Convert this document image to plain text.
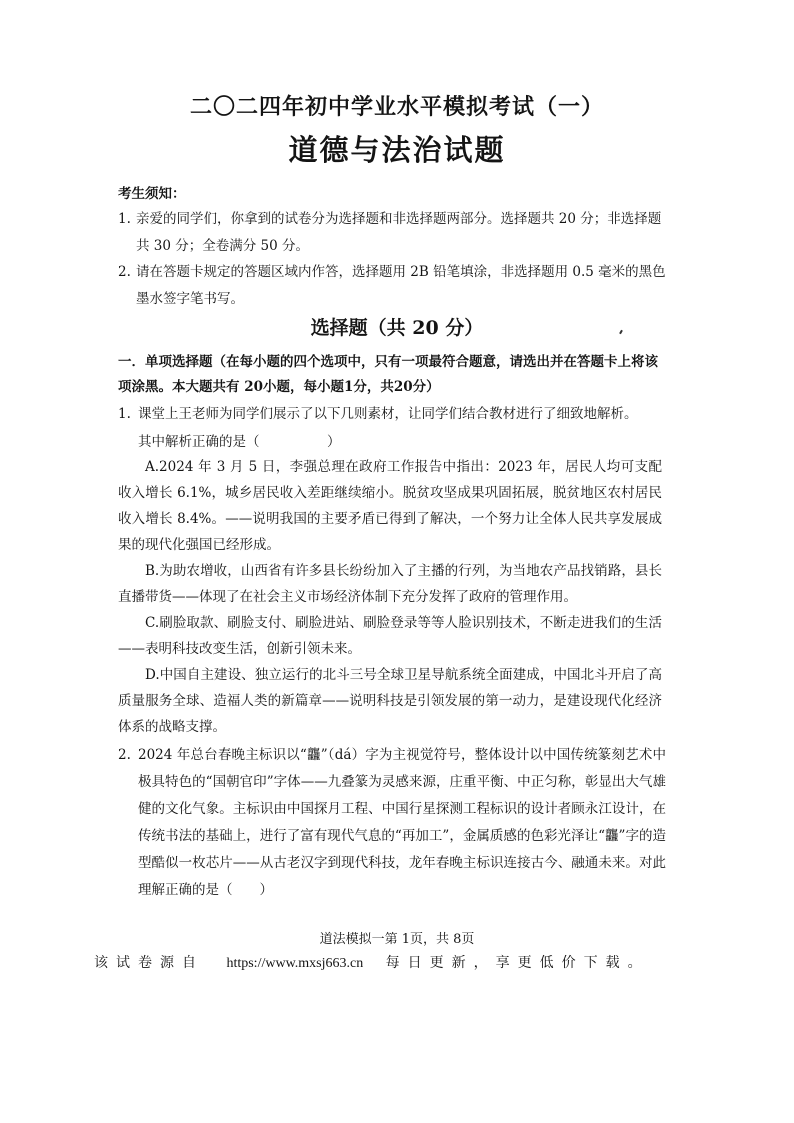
二〇二四年初中学业水平模拟考试（一）
道德与法治试题
考生须知：
1. 亲爱的同学们，你拿到的试卷分为选择题和非选择题两部分。选择题共 20 分；非选择题共 30 分；全卷满分 50 分。
2. 请在答题卡规定的答题区域内作答，选择题用 2B 铅笔填涂，非选择题用 0.5 毫米的黑色墨水签字笔书写。
选择题（共 20 分）
一．单项选择题（在每小题的四个选项中，只有一项最符合题意，请选出并在答题卡上将该项涂黑。本大题共有 20小题，每小题1分，共20分）
1. 课堂上王老师为同学们展示了以下几则素材，让同学们结合教材进行了细致地解析。
其中解析正确的是（　　　　　）
A.2024 年 3 月 5 日，李强总理在政府工作报告中指出：2023 年，居民人均可支配收入增长 6.1%，城乡居民收入差距继续缩小。脱贫攻坚成果巩固拓展，脱贫地区农村居民收入增长 8.4%。——说明我国的主要矛盾已得到了解决，一个努力让全体人民共享发展成果的现代化强国已经形成。
B.为助农增收，山西省有许多县长纷纷加入了主播的行列，为当地农产品找销路，县长直播带货——体现了在社会主义市场经济体制下充分发挥了政府的管理作用。
C.刷脸取款、刷脸支付、刷脸进站、刷脸登录等等人脸识别技术，不断走进我们的生活——表明科技改变生活，创新引领未来。
D.中国自主建设、独立运行的北斗三号全球卫星导航系统全面建成，中国北斗开启了高质量服务全球、造福人类的新篇章——说明科技是引领发展的第一动力，是建设现代化经济体系的战略支撑。
2. 2024 年总台春晚主标识以“龘”（dá）字为主视觉符号，整体设计以中国传统篆刻艺术中极具特色的“国朝官印”字体——九叠篆为灵感来源，庄重平衡、中正匀称，彰显出大气雄健的文化气象。主标识由中国探月工程、中国行星探测工程标识的设计者顾永江设计，在传统书法的基础上，进行了富有现代气息的“再加工”，金属质感的色彩光泽让“龘”字的造型酷似一枚芯片——从古老汉字到现代科技，龙年春晚主标识连接古今、融通未来。对此理解正确的是（　　）
道法模拟一第 1页，共 8页
该试卷源自 https://www.mxsj663.cn 每日更新，享更低价下载。
